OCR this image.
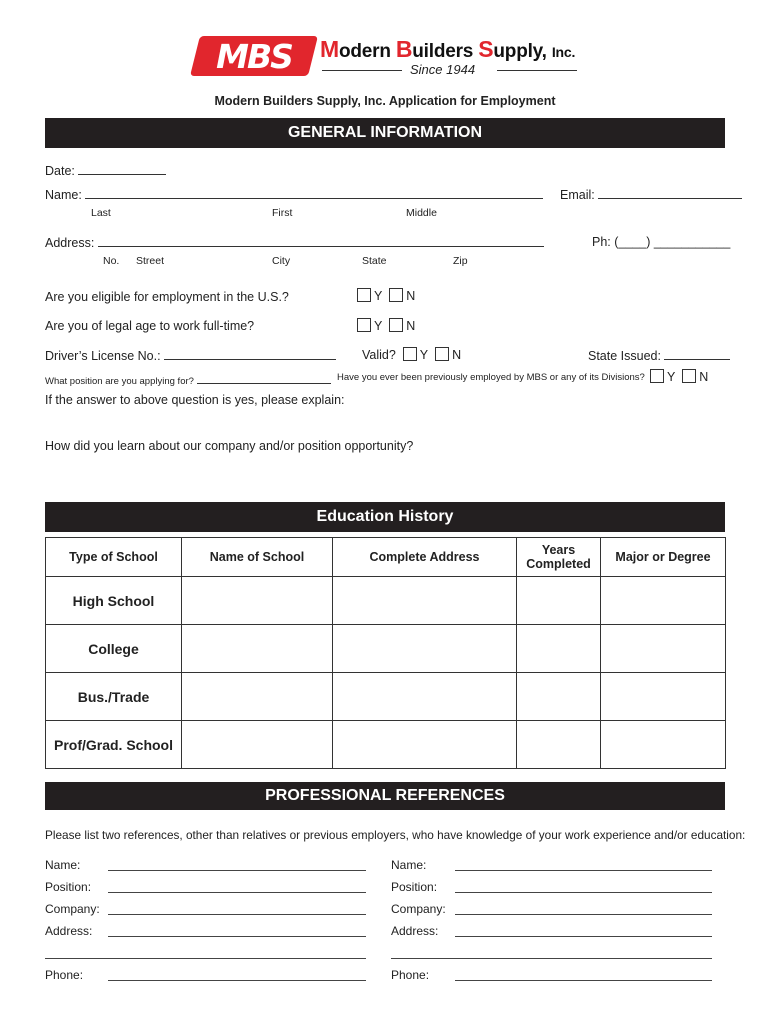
MBS	Modern Builders Supply, Inc.
Since 1944
Modern Builders Supply, Inc. Application for Employment
GENERAL INFORMATION
Date:
Name:	Email:
Last	First	Middle
Address:	Ph: (____) ___________
No. Street	City	State	Zip
Are you eligible for employment in the U.S.?	Y N
Are you of legal age to work full-time?	Y N
Driver’s License No.:	Valid? Y N	State Issued:
What position are you applying for?	Have you ever been previously employed by MBS or any of its Divisions?	Y N
If the answer to above question is yes, please explain:
How did you learn about our company and/or position opportunity?
Education History
Type of School	Name of School	Complete Address	Years Completed	Major or Degree
High School				
College				
Bus./Trade				
Prof/Grad. School				
PROFESSIONAL REFERENCES
Please list two references, other than relatives or previous employers, who have knowledge of your work experience and/or education:
Name:
Position:
Company:
Address:
Phone:
Name:
Position:
Company:
Address:
Phone:
